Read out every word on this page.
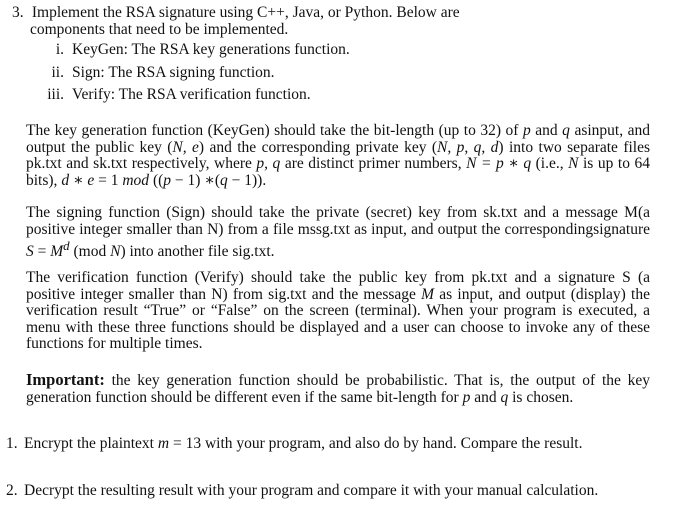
3. Implement the RSA signature using C++, Java, or Python. Below are
components that need to be implemented.
i. KeyGen: The RSA key generations function.
ii. Sign: The RSA signing function.
iii. Verify: The RSA verification function.
The key generation function (KeyGen) should take the bit-length (up to 32) of p and q asinput, and output the public key (N, e) and the corresponding private key (N, p, q, d) into two separate files pk.txt and sk.txt respectively, where p, q are distinct primer numbers, N = p ∗ q (i.e., N is up to 64 bits), d ∗ e = 1 mod ((p − 1) ∗(q − 1)).
The signing function (Sign) should take the private (secret) key from sk.txt and a message M(a positive integer smaller than N) from a file mssg.txt as input, and output the correspondingsignature $S = M^d$ (mod N) into another file sig.txt.
The verification function (Verify) should take the public key from pk.txt and a signature S (a positive integer smaller than N) from sig.txt and the message M as input, and output (display) the verification result “True” or “False” on the screen (terminal). When your program is executed, a menu with these three functions should be displayed and a user can choose to invoke any of these functions for multiple times.
Important: the key generation function should be probabilistic. That is, the output of the key generation function should be different even if the same bit-length for p and q is chosen.
1. Encrypt the plaintext m = 13 with your program, and also do by hand. Compare the result.
2. Decrypt the resulting result with your program and compare it with your manual calculation.
